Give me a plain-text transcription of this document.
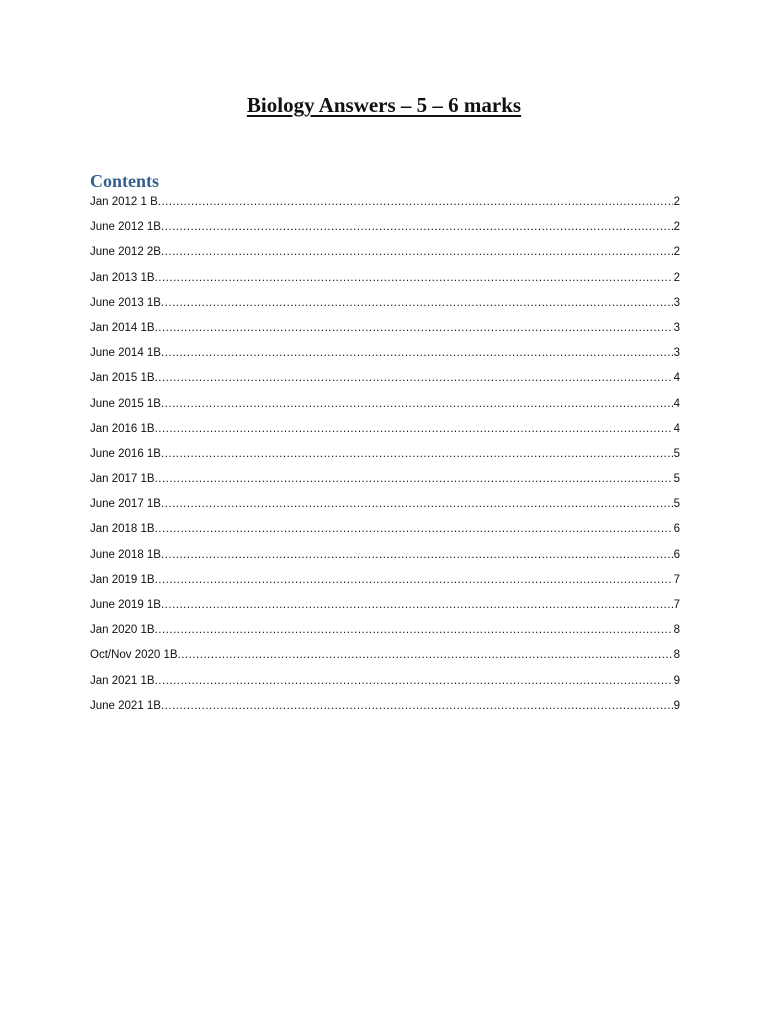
Biology Answers – 5 – 6 marks
Contents
Jan 2012 1 B .....	2
June 2012 1B .....	2
June 2012 2B .....	2
Jan 2013 1B .....	2
June 2013 1B .....	3
Jan 2014 1B .....	3
June 2014 1B .....	3
Jan 2015 1B .....	4
June 2015 1B .....	4
Jan 2016 1B .....	4
June 2016 1B .....	5
Jan 2017 1B .....	5
June 2017 1B .....	5
Jan 2018 1B .....	6
June 2018 1B .....	6
Jan 2019 1B .....	7
June 2019 1B .....	7
Jan 2020 1B .....	8
Oct/Nov 2020 1B .....	8
Jan 2021 1B .....	9
June 2021 1B .....	9
